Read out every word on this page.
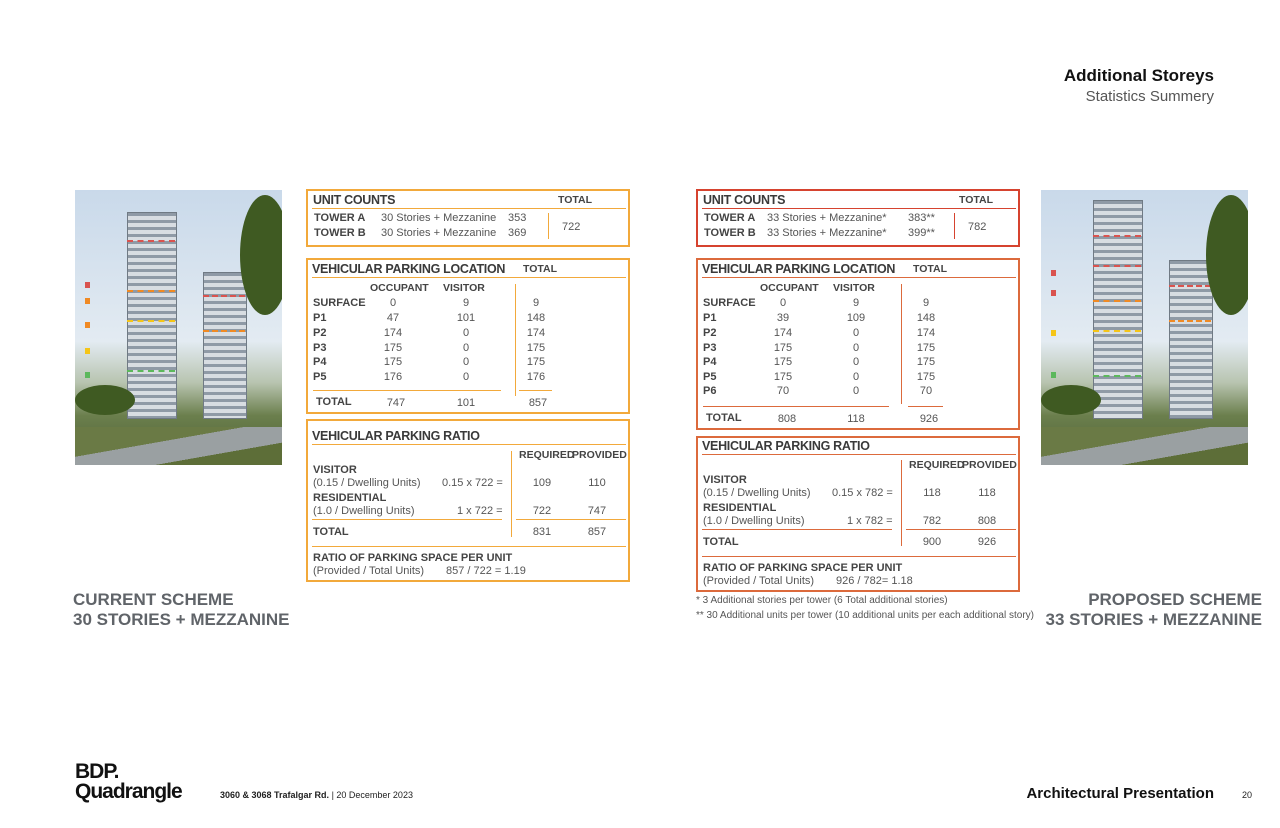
Additional Storeys
Statistics Summery

CURRENT SCHEME
30 STORIES + MEZZANINE
PROPOSED SCHEME
33 STORIES + MEZZANINE
UNIT COUNTS	TOTAL
TOWER A 30 Stories + Mezzanine 353
TOWER B 30 Stories + Mezzanine 369	722
VEHICULAR PARKING LOCATION TOTAL
OCCUPANT VISITOR
SURFACE	0	9	9
P1	47	101	148
P2	174	0	174
P3	175	0	175
P4	175	0	175
P5	176	0	176
TOTAL	747	101	857
VEHICULAR PARKING RATIO
REQUIRED
PROVIDED
VISITOR
(0.15 / Dwelling Units) 0.15 x 722 =	109	110
RESIDENTIAL
(1.0 / Dwelling Units)	1 x 722 =	722	747
TOTAL	831	857
RATIO OF PARKING SPACE PER UNIT
(Provided / Total Units) 857 / 722 = 1.19
UNIT COUNTS	TOTAL
TOWER A 33 Stories + Mezzanine* 383**
TOWER B 33 Stories + Mezzanine* 399**	782
VEHICULAR PARKING LOCATION TOTAL
OCCUPANT VISITOR
SURFACE	0	9	9
P1	39	109	148
P2	174	0	174
P3	175	0	175
P4	175	0	175
P5	175	0	175
P6	70	0	70
TOTAL	808	118	926
VEHICULAR PARKING RATIO
REQUIRED
PROVIDED
VISITOR
(0.15 / Dwelling Units) 0.15 x 782 =	118	118
RESIDENTIAL
(1.0 / Dwelling Units)	1 x 782 =	782	808
TOTAL	900	926
RATIO OF PARKING SPACE PER UNIT
(Provided / Total Units) 926 / 782= 1.18
* 3 Additional stories per tower (6 Total additional stories)
** 30 Additional units per tower (10 additional units per each additional story)
BDP.
Quadrangle	3060 & 3068 Trafalgar Rd. | 20 December 2023	Architectural Presentation	20
